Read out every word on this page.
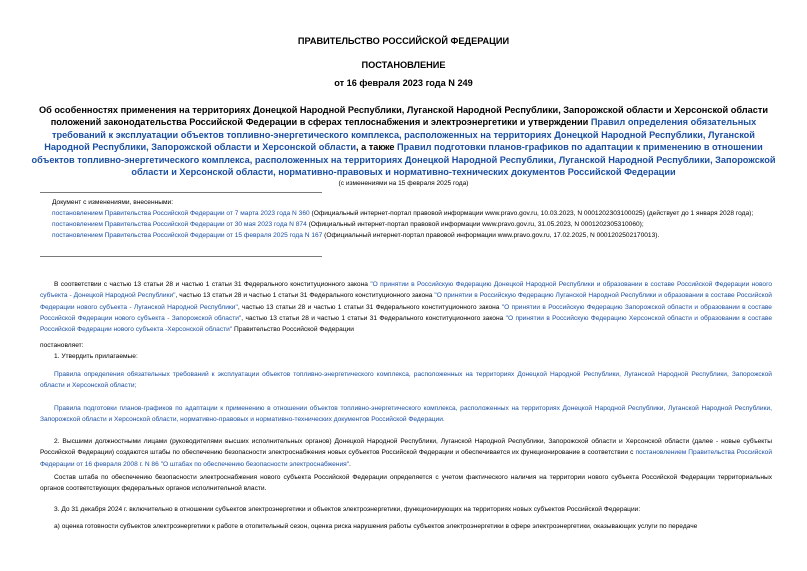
ПРАВИТЕЛЬСТВО РОССИЙСКОЙ ФЕДЕРАЦИИ
ПОСТАНОВЛЕНИЕ
от 16 февраля 2023 года N 249
Об особенностях применения на территориях Донецкой Народной Республики, Луганской Народной Республики, Запорожской области и Херсонской области положений законодательства Российской Федерации в сферах теплоснабжения и электроэнергетики и утверждении Правил определения обязательных требований к эксплуатации объектов топливно-энергетического комплекса, расположенных на территориях Донецкой Народной Республики, Луганской Народной Республики, Запорожской области и Херсонской области, а также Правил подготовки планов-графиков по адаптации к применению в отношении объектов топливно-энергетического комплекса, расположенных на территориях Донецкой Народной Республики, Луганской Народной Республики, Запорожской области и Херсонской области, нормативно-правовых и нормативно-технических документов Российской Федерации
(с изменениями на 15 февраля 2025 года)
Документ с изменениями, внесенными:
постановлением Правительства Российской Федерации от 7 марта 2023 года N 360 (Официальный интернет-портал правовой информации www.pravo.gov.ru, 10.03.2023, N 0001202303100025) (действует до 1 января 2028 года);
постановлением Правительства Российской Федерации от 30 мая 2023 года N 874 (Официальный интернет-портал правовой информации www.pravo.gov.ru, 31.05.2023, N 0001202305310060);
постановлением Правительства Российской Федерации от 15 февраля 2025 года N 167 (Официальный интернет-портал правовой информации www.pravo.gov.ru, 17.02.2025, N 0001202502170013).
В соответствии с частью 13 статьи 28 и частью 1 статьи 31 Федерального конституционного закона "О принятии в Российскую Федерацию Донецкой Народной Республики и образовании в составе Российской Федерации нового субъекта - Донецкой Народной Республики", частью 13 статьи 28 и частью 1 статьи 31 Федерального конституционного закона "О принятии в Российскую Федерацию Луганской Народной Республики и образовании в составе Российской Федерации нового субъекта - Луганской Народной Республики", частью 13 статьи 28 и частью 1 статьи 31 Федерального конституционного закона "О принятии в Российскую Федерацию Запорожской области и образовании в составе Российской Федерации нового субъекта - Запорожской области", частью 13 статьи 28 и частью 1 статьи 31 Федерального конституционного закона "О принятии в Российскую Федерацию Херсонской области и образовании в составе Российской Федерации нового субъекта -Херсонской области" Правительство Российской Федерации
постановляет:
1. Утвердить прилагаемые:
Правила определения обязательных требований к эксплуатации объектов топливно-энергетического комплекса, расположенных на территориях Донецкой Народной Республики, Луганской Народной Республики, Запорожской области и Херсонской области;
Правила подготовки планов-графиков по адаптации к применению в отношении объектов топливно-энергетического комплекса, расположенных на территориях Донецкой Народной Республики, Луганской Народной Республики, Запорожской области и Херсонской области, нормативно-правовых и нормативно-технических документов Российской Федерации.
2. Высшими должностными лицами (руководителями высших исполнительных органов) Донецкой Народной Республики, Луганской Народной Республики, Запорожской области и Херсонской области (далее - новые субъекты Российской Федерации) создаются штабы по обеспечению безопасности электроснабжения новых субъектов Российской Федерации и обеспечивается их функционирование в соответствии с постановлением Правительства Российской Федерации от 16 февраля 2008 г. N 86 "О штабах по обеспечению безопасности электроснабжения".
Состав штаба по обеспечению безопасности электроснабжения нового субъекта Российской Федерации определяется с учетом фактического наличия на территории нового субъекта Российской Федерации территориальных органов соответствующих федеральных органов исполнительной власти.
3. До 31 декабря 2024 г. включительно в отношении субъектов электроэнергетики и объектов электроэнергетики, функционирующих на территориях новых субъектов Российской Федерации:
а) оценка готовности субъектов электроэнергетики к работе в отопительный сезон, оценка риска нарушения работы субъектов электроэнергетики в сфере электроэнергетики, оказывающих услуги по передаче
